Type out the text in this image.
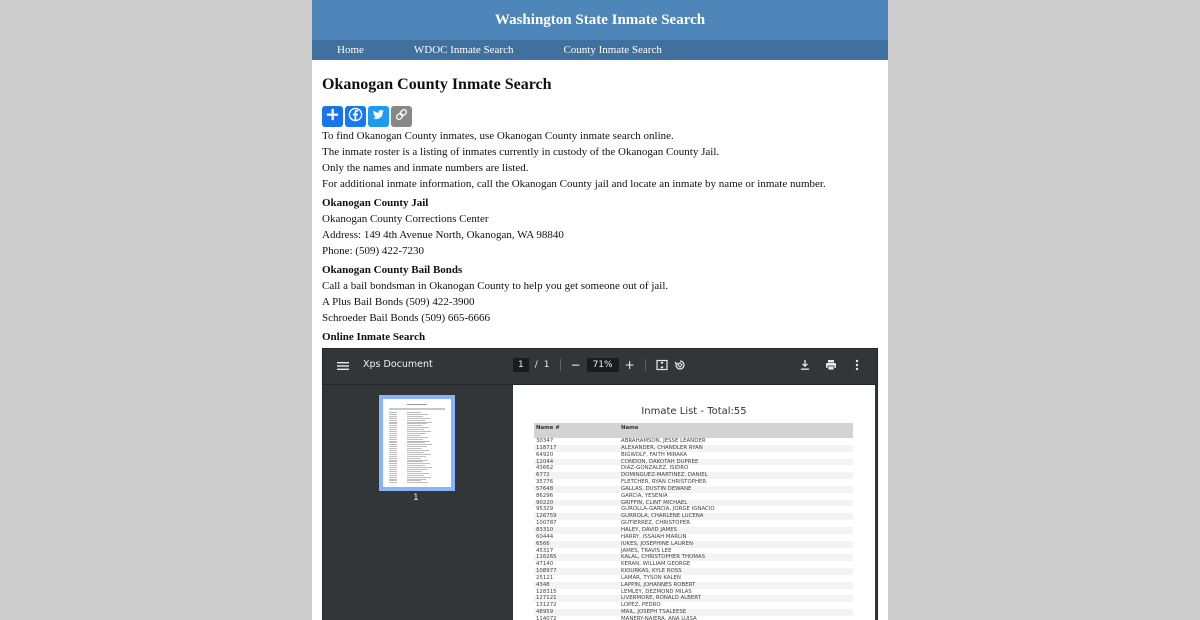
Washington State Inmate Search
Home	WDOC Inmate Search	County Inmate Search
Okanogan County Inmate Search
To find Okanogan County inmates, use Okanogan County inmate search online.
The inmate roster is a listing of inmates currently in custody of the Okanogan County Jail.
Only the names and inmate numbers are listed.
For additional inmate information, call the Okanogan County jail and locate an inmate by name or inmate number.
Okanogan County Jail
Okanogan County Corrections Center
Address: 149 4th Avenue North, Okanogan, WA 98840
Phone: (509) 422-7230
Okanogan County Bail Bonds
Call a bail bondsman in Okanogan County to help you get someone out of jail.
A Plus Bail Bonds (509) 422-3900
Schroeder Bail Bonds (509) 665-6666
Online Inmate Search
Xps Document	1	/ 1 −	71%	+
1
Inmate List - Total:55
Name #	Name
30347	ABRAHAMSON, JESSE LEANDER
118717	ALEXANDER, CHANDLER RYAN
64920	BIGWOLF, FAITH MIRAKA
12044	CONDON, DAKOTAH DUPREE
43662	DIAZ-GONZALEZ, ISIDRO
6772	DOMINGUEZ-MARTINEZ, DANIEL
35776	FLETCHER, RYAN CHRISTOPHER
57648	GALLAS, DUSTIN DEWANE
86296	GARCIA, YESENIA
90220	GRIFFIN, CLINT MICHAEL
95329	GUROLLA-GARCIA, JORGE IGNACIO
126759	GURROLA, CHARLENE LUCENA
100787	GUTIERREZ, CHRISTOPER
83310	HALEY, DAVID JAMES
60444	HARRY, ISSAIAH MARLIN
6566	IUKES, JOSEPHINE LAUREN
45317	JAMES, TRAVIS LEE
116265	KALAL, CHRISTOPHER THOMAS
47140	KERAN, WILLIAM GEORGE
108977	KIOURKAS, KYLE ROSS
25121	LAMAR, TYSON KALEN
4348	LAPPIN, JOHANNES ROBERT
128315	LEMLEY, DEZMOND MILAS
127121	LIVERMORE, RONALD ALBERT
131272	LOPEZ, PEDRO
48959	MAIL, JOSEPH TSALEESE
114072	MANERY-NAJERA, ANA LUISA
